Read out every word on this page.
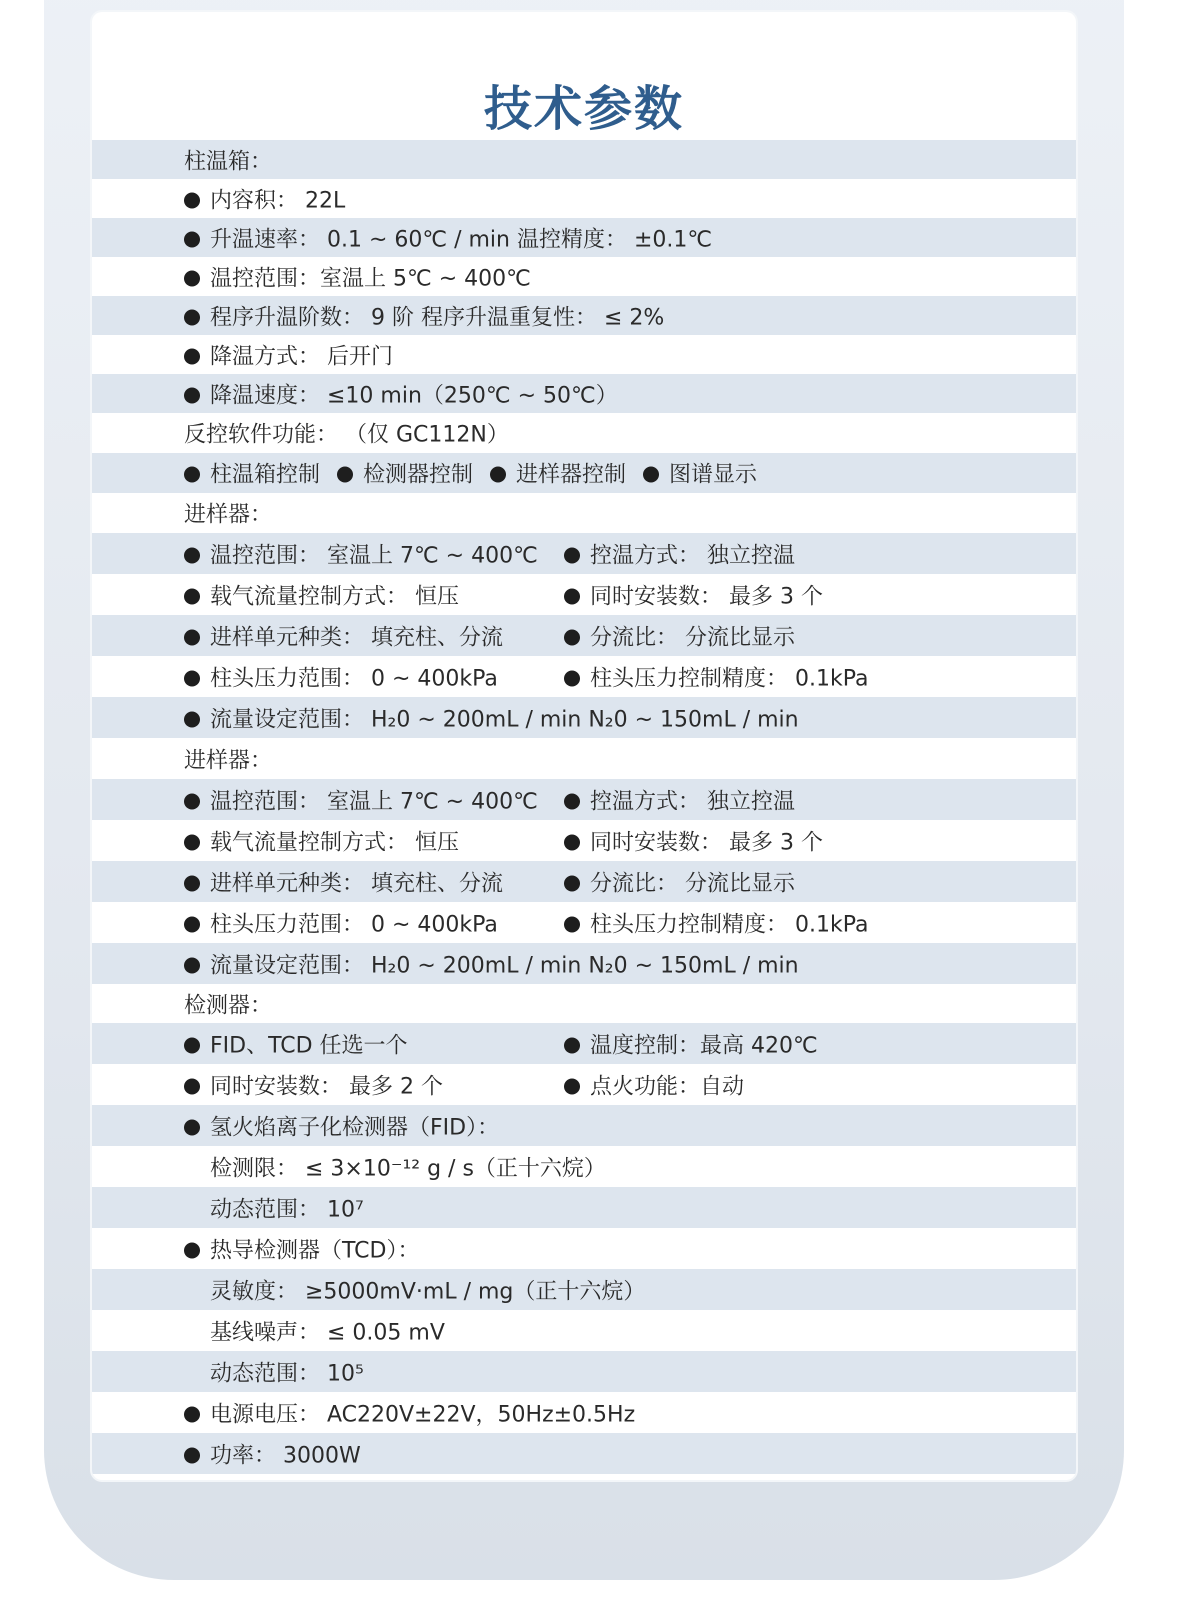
技术参数
柱温箱：
内容积： 22L
升温速率： 0.1 ~ 60℃ / min 温控精度： ±0.1℃
温控范围：室温上 5℃ ~ 400℃
程序升温阶数： 9 阶 程序升温重复性： ≤ 2%
降温方式： 后开门
降温速度： ≤10 min（250℃ ~ 50℃）
反控软件功能： （仅 GC112N）
柱温箱控制 检测器控制 进样器控制 图谱显示
进样器：
温控范围： 室温上 7℃ ~ 400℃	控温方式： 独立控温
载气流量控制方式： 恒压	同时安装数： 最多 3 个
进样单元种类： 填充柱、分流	分流比： 分流比显示
柱头压力范围： 0 ~ 400kPa	柱头压力控制精度： 0.1kPa
流量设定范围： H₂0 ~ 200mL / min N₂0 ~ 150mL / min
进样器：
温控范围： 室温上 7℃ ~ 400℃	控温方式： 独立控温
载气流量控制方式： 恒压	同时安装数： 最多 3 个
进样单元种类： 填充柱、分流	分流比： 分流比显示
柱头压力范围： 0 ~ 400kPa	柱头压力控制精度： 0.1kPa
流量设定范围： H₂0 ~ 200mL / min N₂0 ~ 150mL / min
检测器：
FID、TCD 任选一个	温度控制：最高 420℃
同时安装数： 最多 2 个	点火功能：自动
氢火焰离子化检测器（FID）：
检测限： ≤ 3×10⁻¹² g / s（正十六烷）
动态范围： 10⁷
热导检测器（TCD）：
灵敏度： ≥5000mV·mL / mg（正十六烷）
基线噪声： ≤ 0.05 mV
动态范围： 10⁵
电源电压： AC220V±22V，50Hz±0.5Hz
功率： 3000W
